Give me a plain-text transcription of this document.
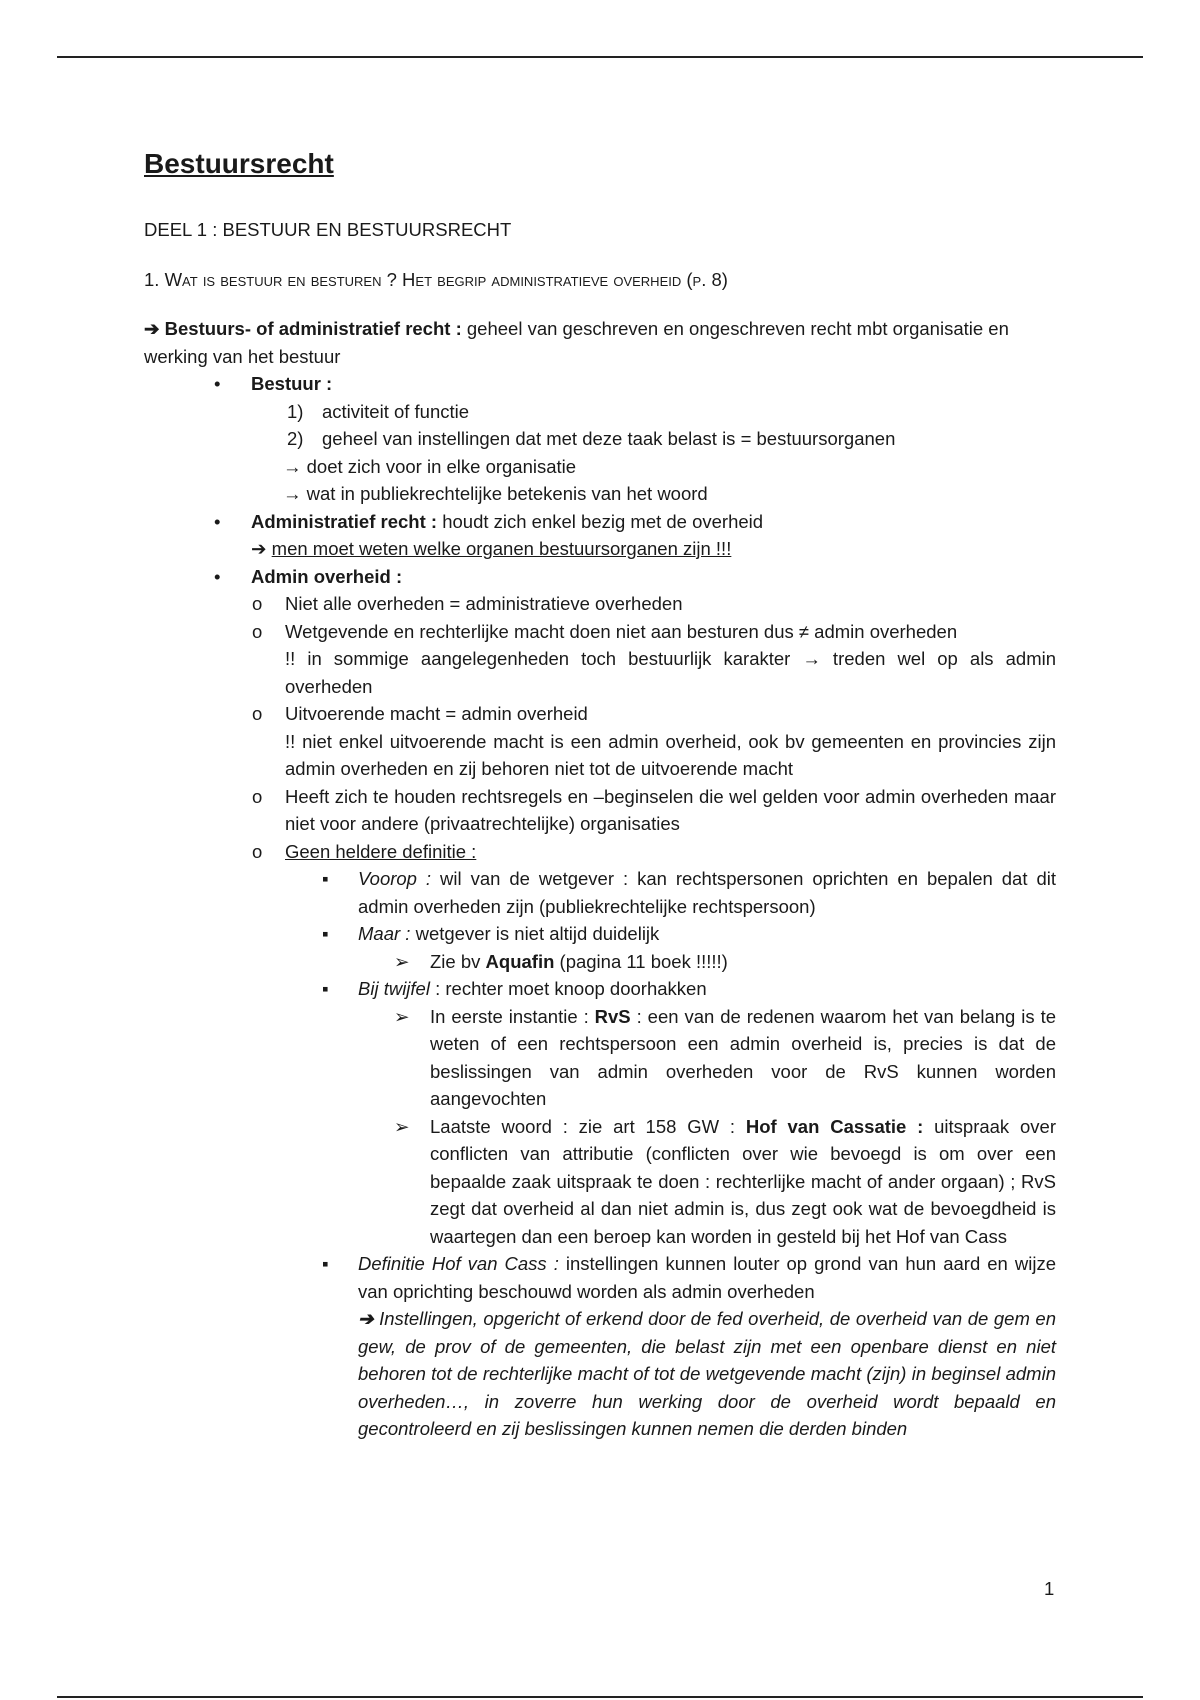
Bestuursrecht

DEEL 1 : BESTUUR EN BESTUURSRECHT

1. Wat is bestuur en besturen ? Het begrip administratieve overheid (p. 8)

➔ Bestuurs- of administratief recht : geheel van geschreven en ongeschreven recht mbt organisatie en werking van het bestuur

• Bestuur :

1) activiteit of functie

2) geheel van instellingen dat met deze taak belast is = bestuursorganen

→ doet zich voor in elke organisatie

→ wat in publiekrechtelijke betekenis van het woord

• Administratief recht : houdt zich enkel bezig met de overheid

➔ men moet weten welke organen bestuursorganen zijn !!!

• Admin overheid :

o Niet alle overheden = administratieve overheden

o Wetgevende en rechterlijke macht doen niet aan besturen dus ≠ admin overheden

!! in sommige aangelegenheden toch bestuurlijk karakter → treden wel op als admin overheden

o Uitvoerende macht = admin overheid

!! niet enkel uitvoerende macht is een admin overheid, ook bv gemeenten en provincies zijn admin overheden en zij behoren niet tot de uitvoerende macht

o Heeft zich te houden rechtsregels en –beginselen die wel gelden voor admin overheden maar niet voor andere (privaatrechtelijke) organisaties

o Geen heldere definitie :

▪ Voorop : wil van de wetgever : kan rechtspersonen oprichten en bepalen dat dit admin overheden zijn (publiekrechtelijke rechtspersoon)

▪ Maar : wetgever is niet altijd duidelijk

➢ Zie bv Aquafin (pagina 11 boek !!!!!)

▪ Bij twijfel : rechter moet knoop doorhakken

➢ In eerste instantie : RvS : een van de redenen waarom het van belang is te weten of een rechtspersoon een admin overheid is, precies is dat de beslissingen van admin overheden voor de RvS kunnen worden aangevochten

➢ Laatste woord : zie art 158 GW : Hof van Cassatie : uitspraak over conflicten van attributie (conflicten over wie bevoegd is om over een bepaalde zaak uitspraak te doen : rechterlijke macht of ander orgaan) ; RvS zegt dat overheid al dan niet admin is, dus zegt ook wat de bevoegdheid is waartegen dan een beroep kan worden in gesteld bij het Hof van Cass

▪ Definitie Hof van Cass : instellingen kunnen louter op grond van hun aard en wijze van oprichting beschouwd worden als admin overheden

➔ Instellingen, opgericht of erkend door de fed overheid, de overheid van de gem en gew, de prov of de gemeenten, die belast zijn met een openbare dienst en niet behoren tot de rechterlijke macht of tot de wetgevende macht (zijn) in beginsel admin overheden…, in zoverre hun werking door de overheid wordt bepaald en gecontroleerd en zij beslissingen kunnen nemen die derden binden

1
